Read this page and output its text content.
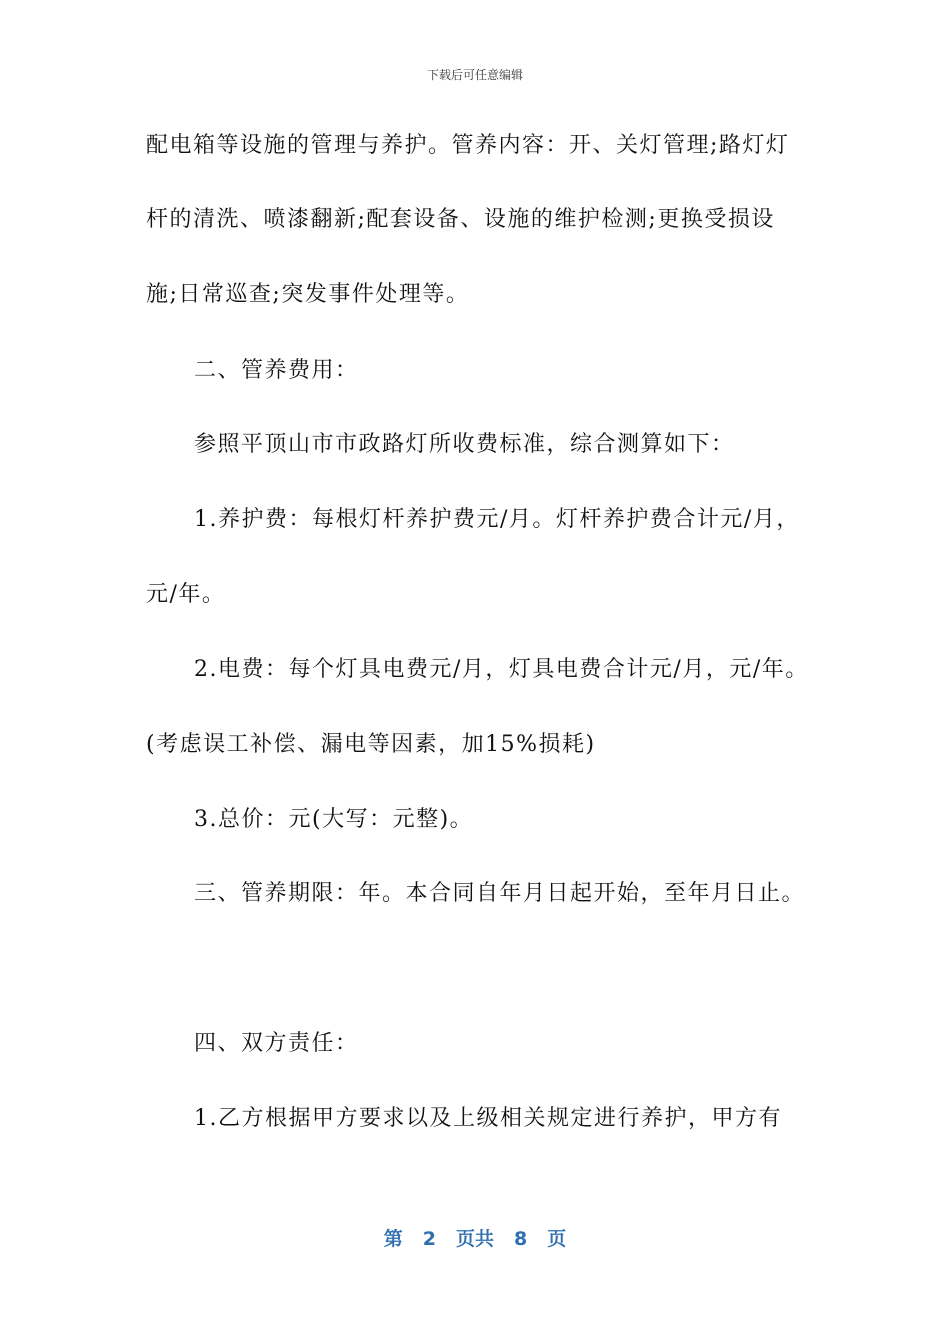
下载后可任意编辑
配电箱等设施的管理与养护。管养内容：开、关灯管理;路灯灯
杆的清洗、喷漆翻新;配套设备、设施的维护检测;更换受损设
施;日常巡查;突发事件处理等。
二、管养费用：
参照平顶山市市政路灯所收费标准，综合测算如下：
1.养护费：每根灯杆养护费元/月。灯杆养护费合计元/月，
元/年。
2.电费：每个灯具电费元/月，灯具电费合计元/月，元/年。
(考虑误工补偿、漏电等因素，加15%损耗)
3.总价：元(大写：元整)。
三、管养期限：年。本合同自年月日起开始，至年月日止。
四、双方责任：
1.乙方根据甲方要求以及上级相关规定进行养护，甲方有
第 2 页共 8 页
